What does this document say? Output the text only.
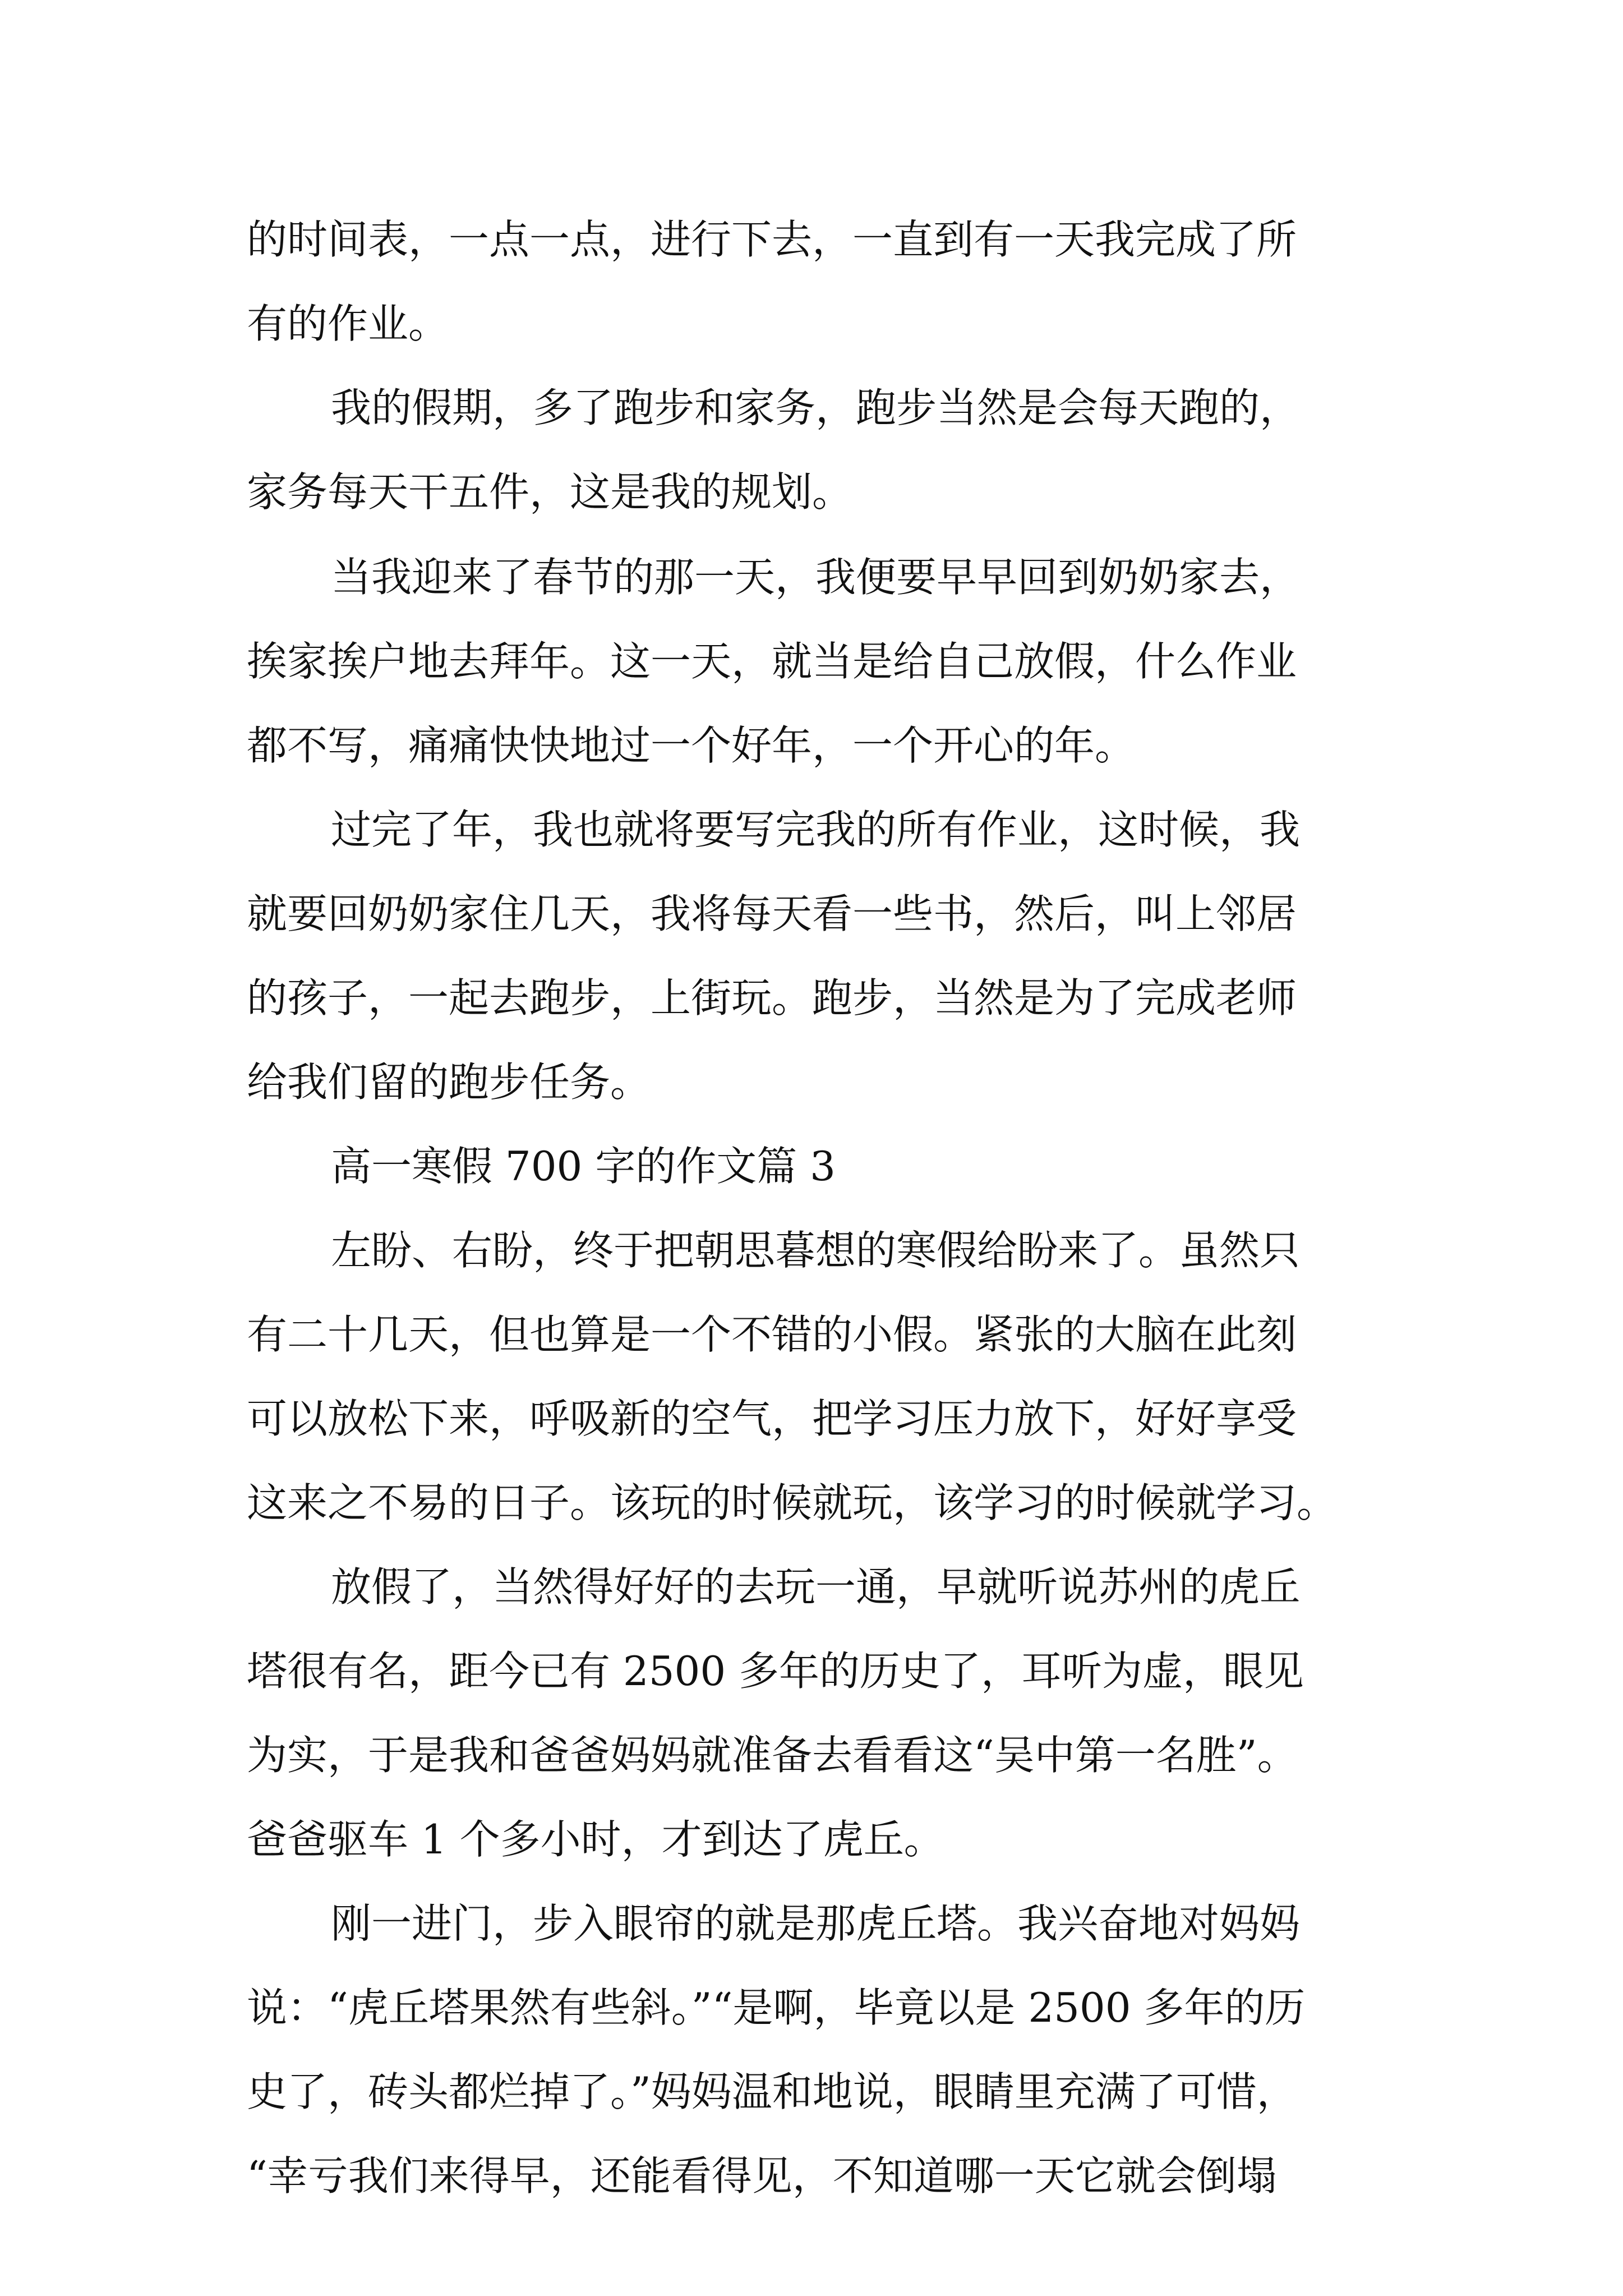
的时间表，一点一点，进行下去，一直到有一天我完成了所
有的作业。
我的假期，多了跑步和家务，跑步当然是会每天跑的，
家务每天干五件，这是我的规划。
当我迎来了春节的那一天，我便要早早回到奶奶家去，
挨家挨户地去拜年。这一天，就当是给自己放假，什么作业
都不写，痛痛快快地过一个好年，一个开心的年。
过完了年，我也就将要写完我的所有作业，这时候，我
就要回奶奶家住几天，我将每天看一些书，然后，叫上邻居
的孩子，一起去跑步，上街玩。跑步，当然是为了完成老师
给我们留的跑步任务。
高一寒假 700 字的作文篇 3
左盼、右盼，终于把朝思暮想的寒假给盼来了。虽然只
有二十几天，但也算是一个不错的小假。紧张的大脑在此刻
可以放松下来，呼吸新的空气，把学习压力放下，好好享受
这来之不易的日子。该玩的时候就玩，该学习的时候就学习。
放假了，当然得好好的去玩一通，早就听说苏州的虎丘
塔很有名，距今已有 2500 多年的历史了，耳听为虚，眼见
为实，于是我和爸爸妈妈就准备去看看这“吴中第一名胜”。
爸爸驱车 1 个多小时，才到达了虎丘。
刚一进门，步入眼帘的就是那虎丘塔。我兴奋地对妈妈
说：“虎丘塔果然有些斜。”“是啊，毕竟以是 2500 多年的历
史了，砖头都烂掉了。”妈妈温和地说，眼睛里充满了可惜，
“幸亏我们来得早，还能看得见，不知道哪一天它就会倒塌
